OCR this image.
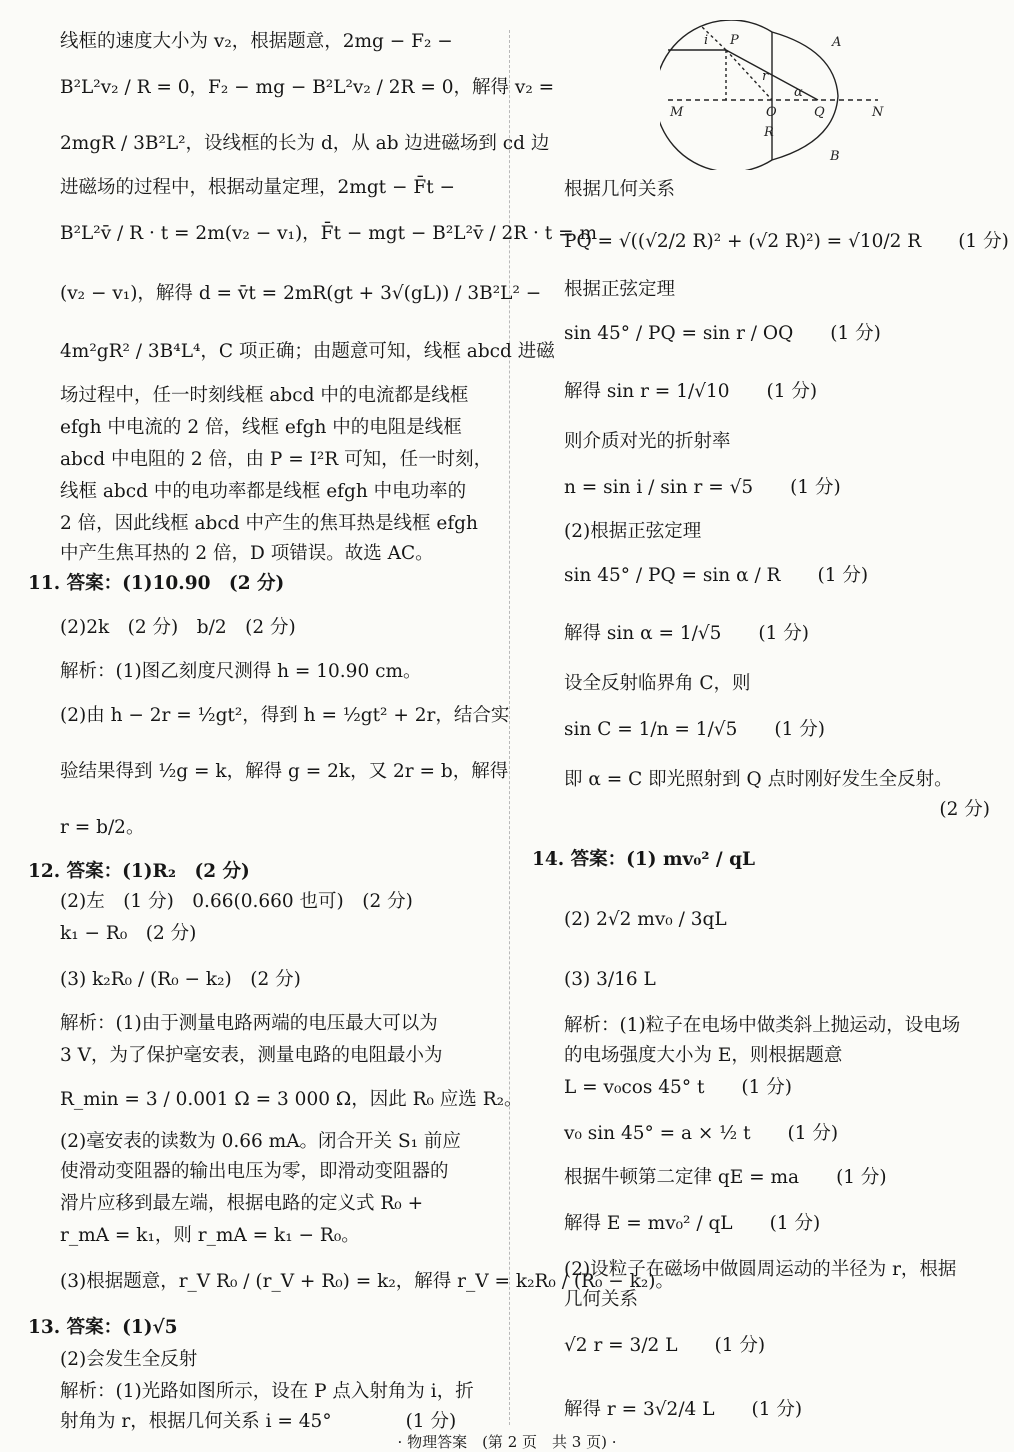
线框的速度大小为 v₂，根据题意，2mg − F₂ −
B²L²v₂ / R = 0，F₂ − mg − B²L²v₂ / 2R = 0，解得 v₂ =
2mgR / 3B²L²，设线框的长为 d，从 ab 边进磁场到 cd 边
进磁场的过程中，根据动量定理，2mgt − F̄t −
B²L²v̄ / R · t = 2m(v₂ − v₁)，F̄t − mgt − B²L²v̄ / 2R · t = m
(v₂ − v₁)，解得 d = v̄t = 2mR(gt + 3√(gL)) / 3B²L² −
4m²gR² / 3B⁴L⁴，C 项正确；由题意可知，线框 abcd 进磁
场过程中，任一时刻线框 abcd 中的电流都是线框
efgh 中电流的 2 倍，线框 efgh 中的电阻是线框
abcd 中电阻的 2 倍，由 P = I²R 可知，任一时刻，
线框 abcd 中的电功率都是线框 efgh 中电功率的
2 倍，因此线框 abcd 中产生的焦耳热是线框 efgh
中产生焦耳热的 2 倍，D 项错误。故选 AC。
11. 答案：(1)10.90　(2 分)
(2)2k　(2 分)　b/2　(2 分)
解析：(1)图乙刻度尺测得 h = 10.90 cm。
(2)由 h − 2r = ½gt²，得到 h = ½gt² + 2r，结合实
验结果得到 ½g = k，解得 g = 2k，又 2r = b，解得
r = b/2。
12. 答案：(1)R₂　(2 分)
(2)左　(1 分)　0.66(0.660 也可)　(2 分)
k₁ − R₀　(2 分)
(3) k₂R₀ / (R₀ − k₂)　(2 分)
解析：(1)由于测量电路两端的电压最大可以为
3 V，为了保护毫安表，测量电路的电阻最小为
R_min = 3 / 0.001 Ω = 3 000 Ω，因此 R₀ 应选 R₂。
(2)毫安表的读数为 0.66 mA。闭合开关 S₁ 前应
使滑动变阻器的输出电压为零，即滑动变阻器的
滑片应移到最左端，根据电路的定义式 R₀ +
r_mA = k₁，则 r_mA = k₁ − R₀。
(3)根据题意，r_V R₀ / (r_V + R₀) = k₂，解得 r_V = k₂R₀ / (R₀ − k₂)。
13. 答案：(1)√5
(2)会发生全反射
解析：(1)光路如图所示，设在 P 点入射角为 i，折
射角为 r，根据几何关系 i = 45°　　　　(1 分)
i P	A
r
α
M	O	Q	N
R
B
根据几何关系
PQ = √((√2/2 R)² + (√2 R)²) = √10/2 R　　(1 分)
根据正弦定理
sin 45° / PQ = sin r / OQ　　(1 分)
解得 sin r = 1/√10　　(1 分)
则介质对光的折射率
n = sin i / sin r = √5　　(1 分)
(2)根据正弦定理
sin 45° / PQ = sin α / R　　(1 分)
解得 sin α = 1/√5　　(1 分)
设全反射临界角 C，则
sin C = 1/n = 1/√5　　(1 分)
即 α = C 即光照射到 Q 点时刚好发生全反射。
(2 分)
14. 答案：(1) mv₀² / qL
(2) 2√2 mv₀ / 3qL
(3) 3/16 L
解析：(1)粒子在电场中做类斜上抛运动，设电场
的电场强度大小为 E，则根据题意
L = v₀cos 45° t　　(1 分)
v₀ sin 45° = a × ½ t　　(1 分)
根据牛顿第二定律 qE = ma　　(1 分)
解得 E = mv₀² / qL　　(1 分)
(2)设粒子在磁场中做圆周运动的半径为 r，根据
几何关系
√2 r = 3/2 L　　(1 分)
解得 r = 3√2/4 L　　(1 分)
· 物理答案　(第 2 页　共 3 页) ·
